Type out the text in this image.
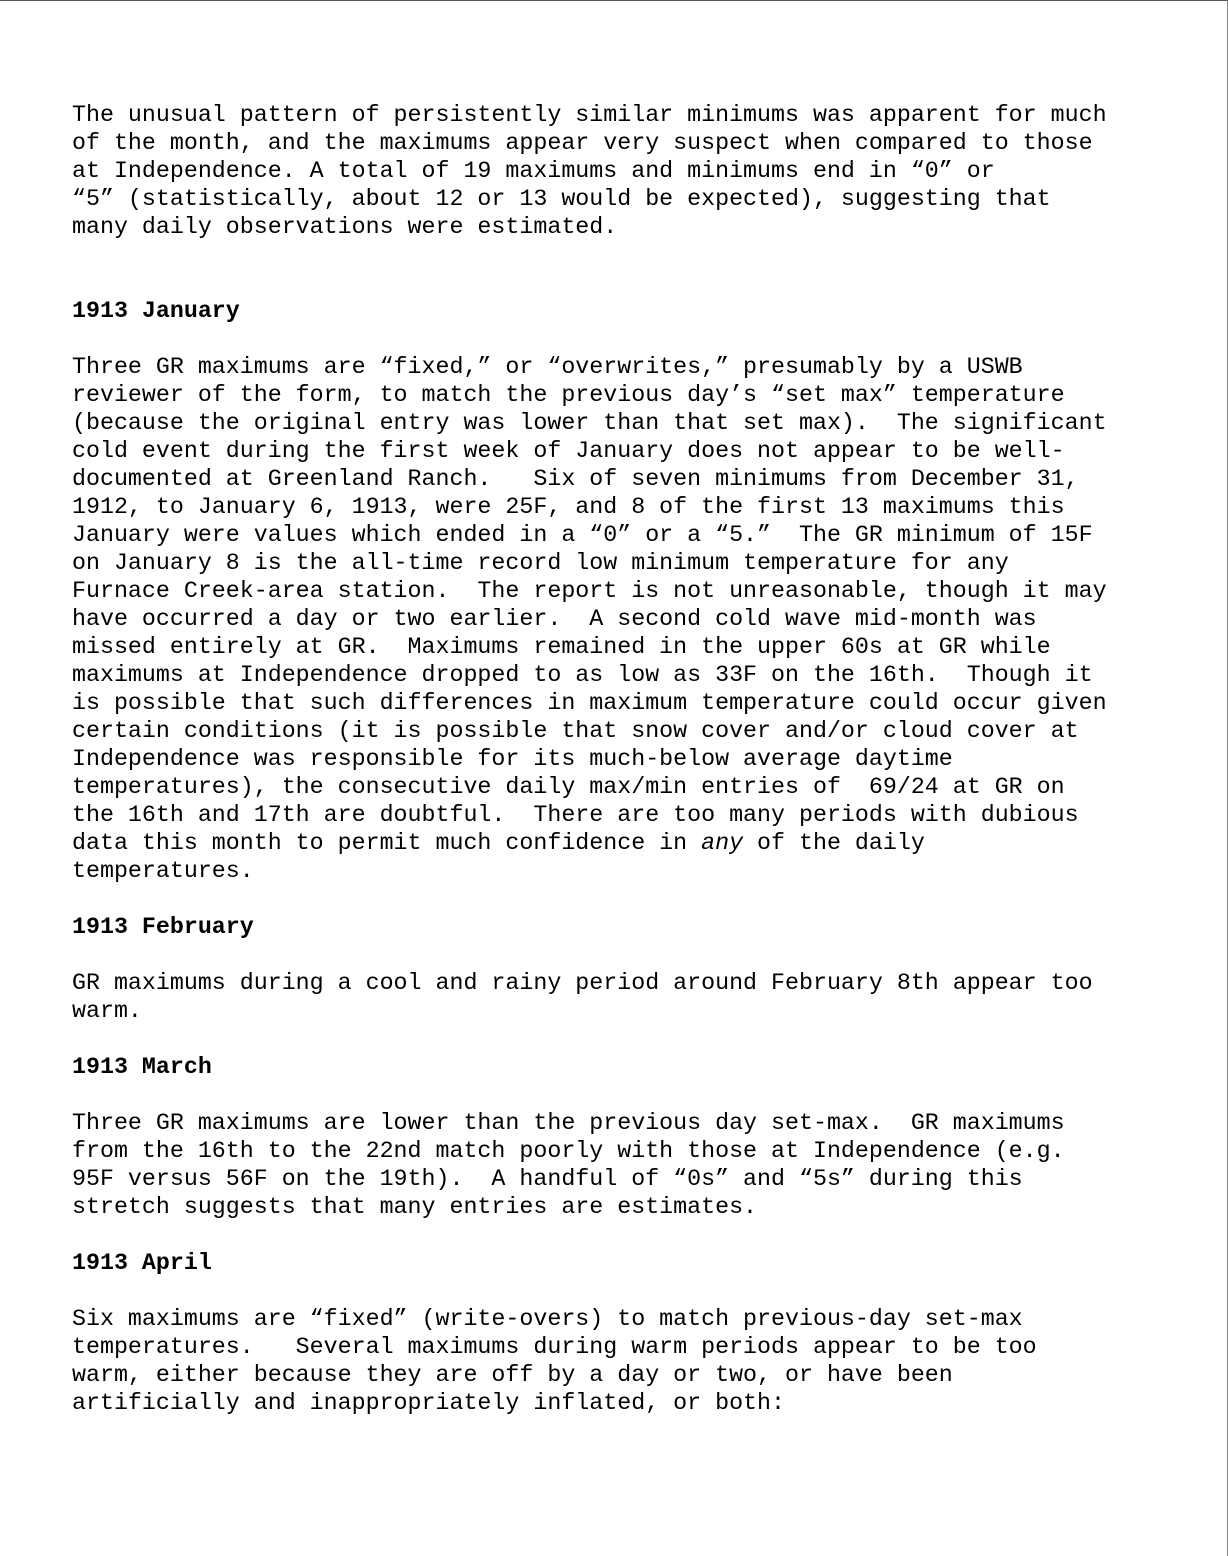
The unusual pattern of persistently similar minimums was apparent for much
of the month, and the maximums appear very suspect when compared to those
at Independence. A total of 19 maximums and minimums end in “0” or
“5” (statistically, about 12 or 13 would be expected), suggesting that
many daily observations were estimated.
1913 January
Three GR maximums are “fixed,” or “overwrites,” presumably by a USWB
reviewer of the form, to match the previous day’s “set max” temperature
(because the original entry was lower than that set max).  The significant
cold event during the first week of January does not appear to be well-
documented at Greenland Ranch.   Six of seven minimums from December 31,
1912, to January 6, 1913, were 25F, and 8 of the first 13 maximums this
January were values which ended in a “0” or a “5.”  The GR minimum of 15F
on January 8 is the all-time record low minimum temperature for any
Furnace Creek-area station.  The report is not unreasonable, though it may
have occurred a day or two earlier.  A second cold wave mid-month was
missed entirely at GR.  Maximums remained in the upper 60s at GR while
maximums at Independence dropped to as low as 33F on the 16th.  Though it
is possible that such differences in maximum temperature could occur given
certain conditions (it is possible that snow cover and/or cloud cover at
Independence was responsible for its much-below average daytime
temperatures), the consecutive daily max/min entries of  69/24 at GR on
the 16th and 17th are doubtful.  There are too many periods with dubious
data this month to permit much confidence in any of the daily
temperatures.
1913 February
GR maximums during a cool and rainy period around February 8th appear too
warm.
1913 March
Three GR maximums are lower than the previous day set-max.  GR maximums
from the 16th to the 22nd match poorly with those at Independence (e.g.
95F versus 56F on the 19th).  A handful of “0s” and “5s” during this
stretch suggests that many entries are estimates.
1913 April
Six maximums are “fixed” (write-overs) to match previous-day set-max
temperatures.   Several maximums during warm periods appear to be too
warm, either because they are off by a day or two, or have been
artificially and inappropriately inflated, or both:
